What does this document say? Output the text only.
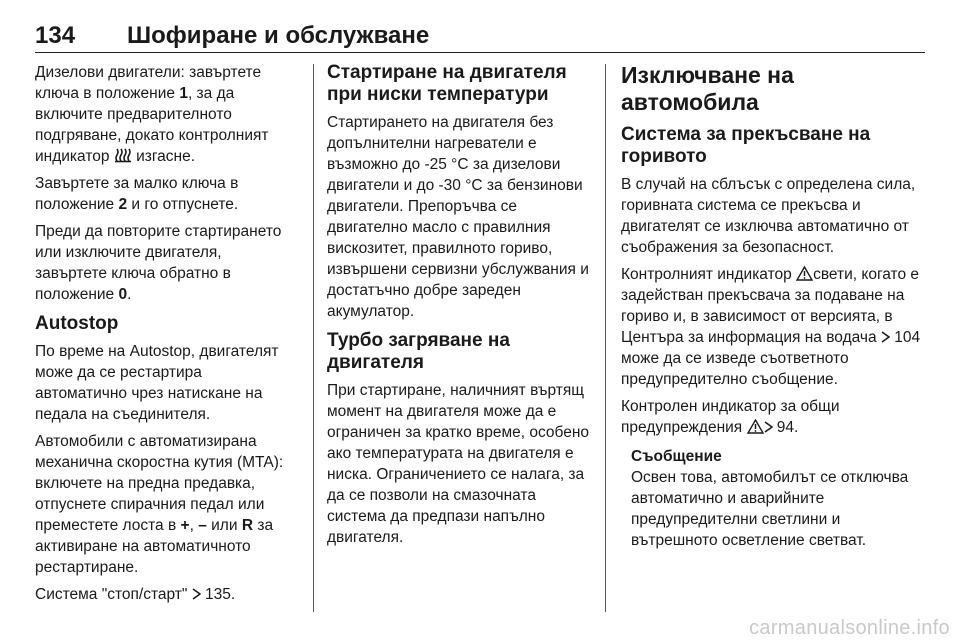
134 Шофиране и обслужване

Дизелови двигатели: завъртете ключа в положение 1, за да включите предварителното подгряване, докато контролният индикатор  изгасне.

Завъртете за малко ключа в положение 2 и го отпуснете.

Преди да повторите стартирането или изключите двигателя, завъртете ключа обратно в положение 0.

Autostop

По време на Autostop, двигателят може да се рестартира автоматично чрез натискане на педала на съединителя.

Автомобили с автоматизирана механична скоростна кутия (MTA): включете на предна предавка, отпуснете спирачния педал или преместете лоста в +, – или R за активиране на автоматичното рестартиране.

Система "стоп/старт"  135.

Стартиране на двигателя при ниски температури

Стартирането на двигателя без допълнителни нагреватели е възможно до -25 °C за дизелови двигатели и до -30 °C за бензинови двигатели. Препоръчва се двигателно масло с правилния вискозитет, правилното гориво, извършени сервизни убслужвания и достатъчно добре зареден акумулатор.

Турбо загряване на двигателя

При стартиране, наличният въртящ момент на двигателя може да е ограничен за кратко време, особено ако температурата на двигателя е ниска. Ограничението се налага, за да се позволи на смазочната система да предпази напълно двигателя.

Изключване на автомобила
Система за прекъсване на горивото

В случай на сблъсък с определена сила, горивната система се прекъсва и двигателят се изключва автоматично от съображения за безопасност.

Контролният индикатор свети, когато е задействан прекъсвача за подаване на гориво и, в зависимост от версията, в Центъра за информация на водача  104 може да се изведе съответното предупредително съобщение.

Контролен индикатор за общи предупреждения  94.

Съобщение

Освен това, автомобилът се отключва автоматично и аварийните предупредителни светлини и вътрешното осветление светват.

carmanualsonline.info
